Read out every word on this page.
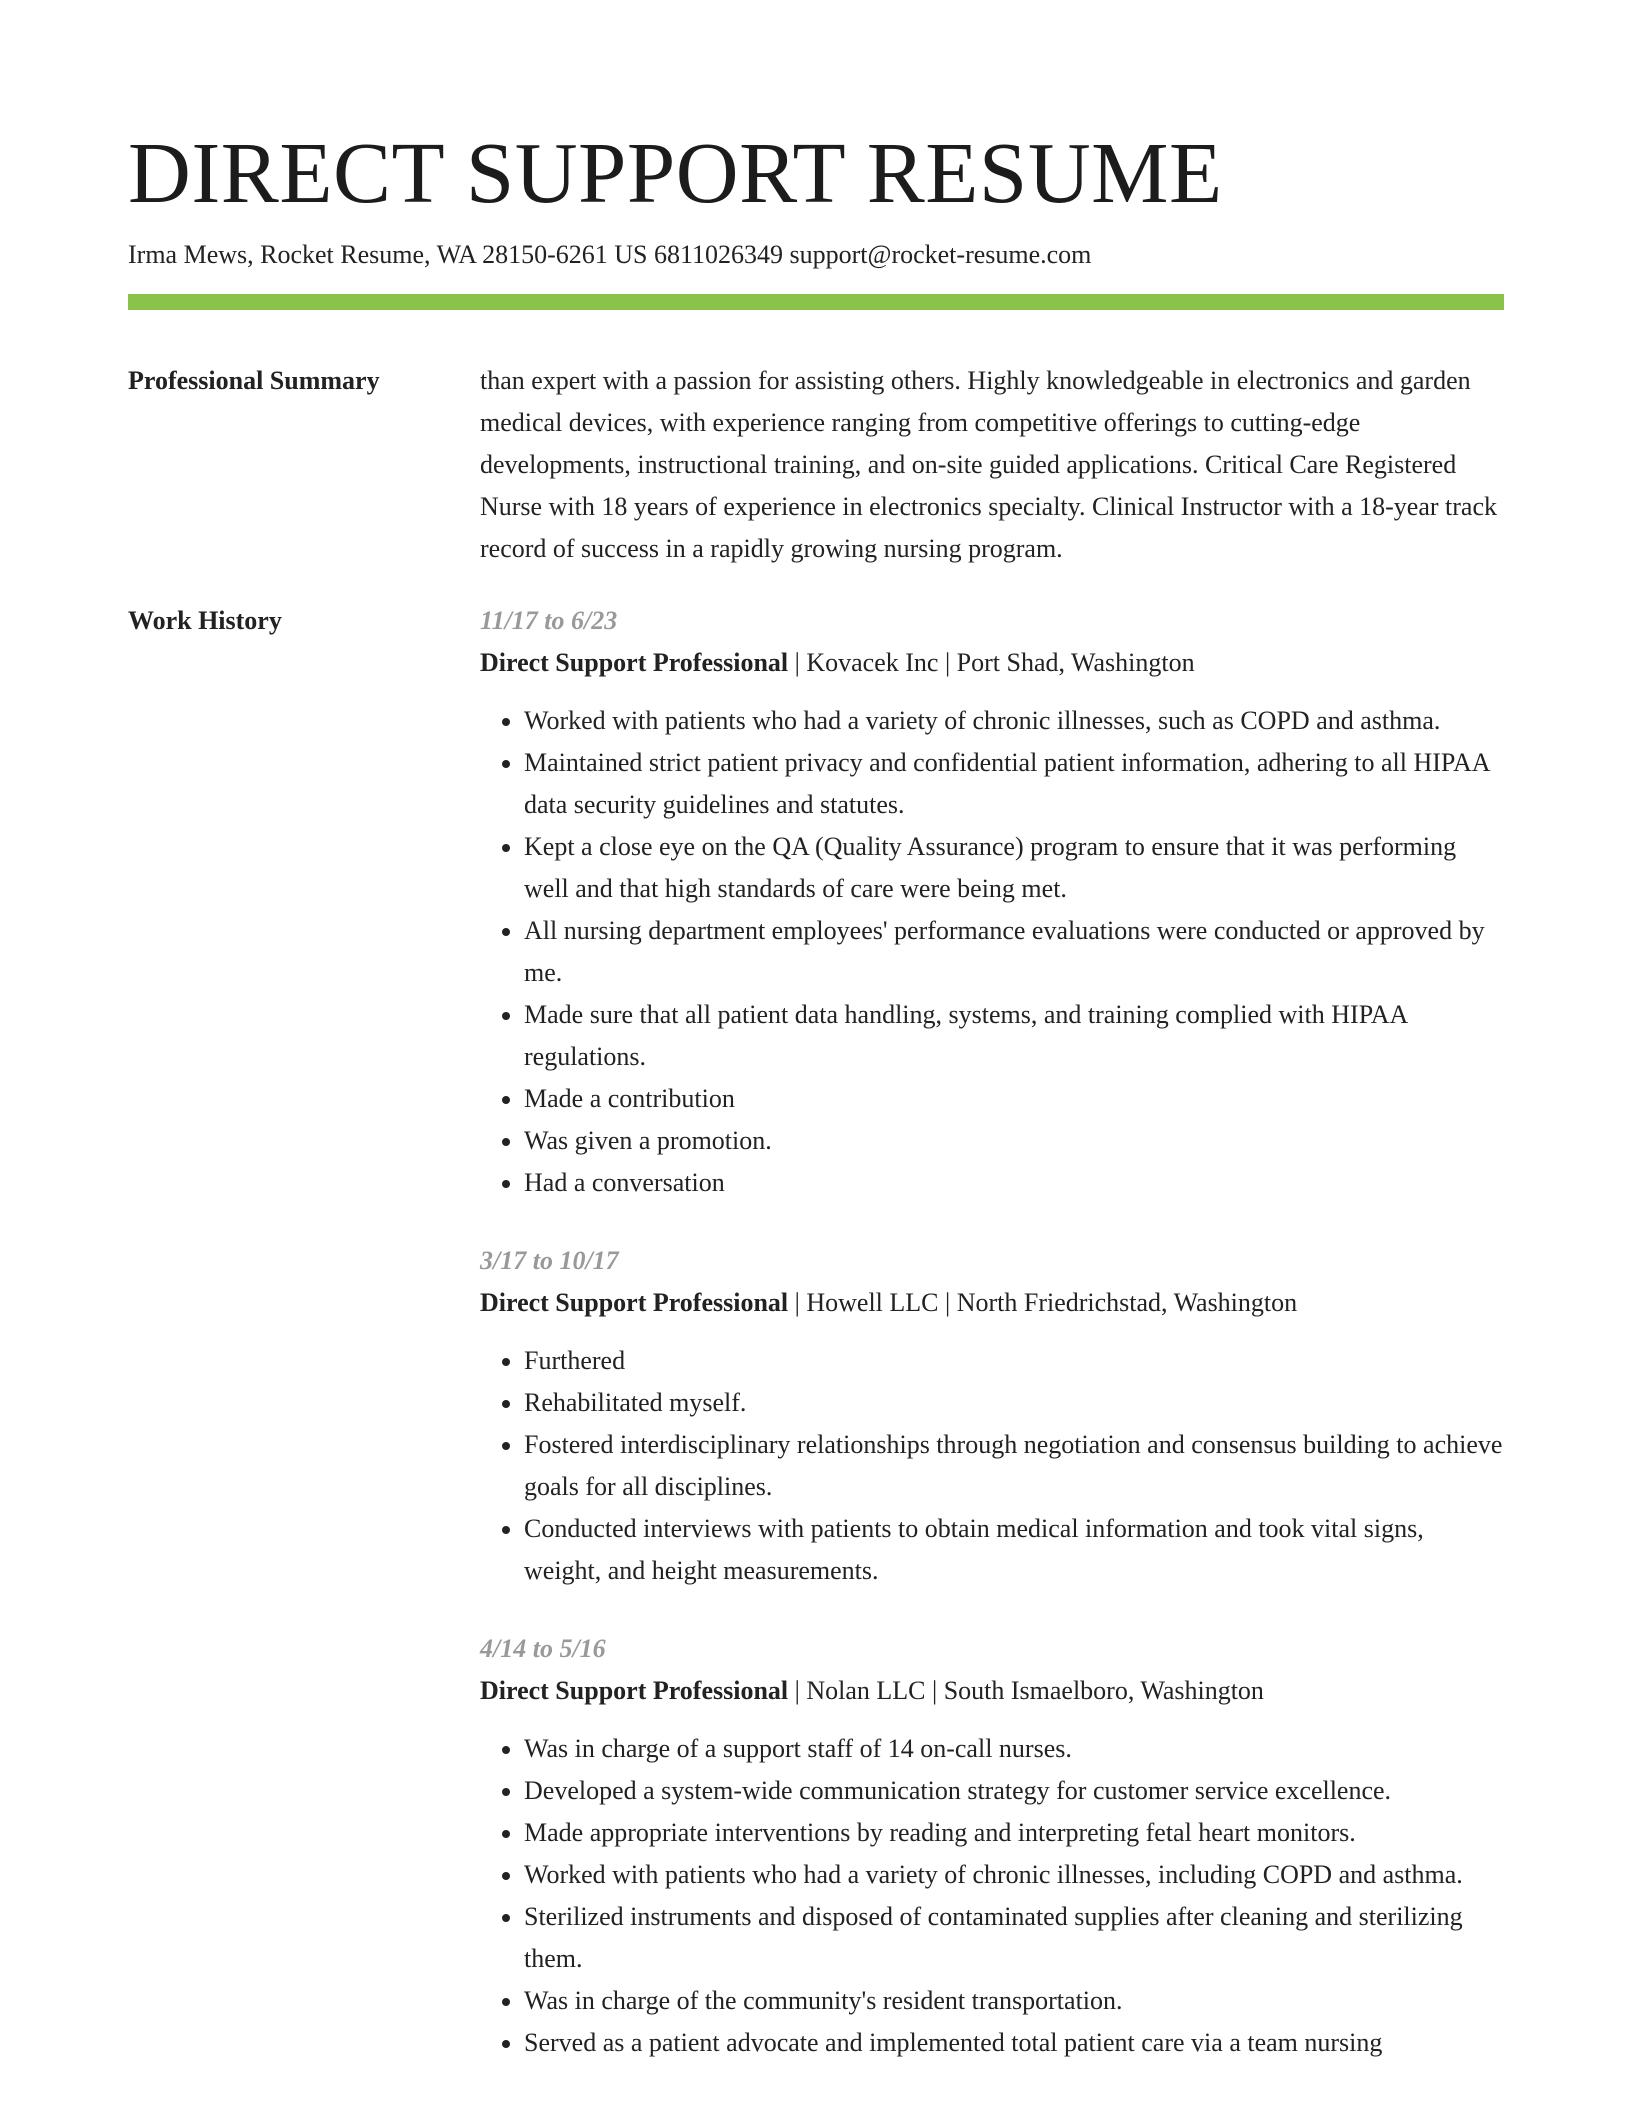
DIRECT SUPPORT RESUME
Irma Mews, Rocket Resume, WA 28150-6261 US 6811026349 support@rocket-resume.com
Professional Summary	than expert with a passion for assisting others. Highly knowledgeable in electronics and garden medical devices, with experience ranging from competitive offerings to cutting-edge developments, instructional training, and on-site guided applications. Critical Care Registered Nurse with 18 years of experience in electronics specialty. Clinical Instructor with a 18-year track record of success in a rapidly growing nursing program.

Work History	11/17 to 6/23
Direct Support Professional | Kovacek Inc | Port Shad, Washington
• Worked with patients who had a variety of chronic illnesses, such as COPD and asthma.
• Maintained strict patient privacy and confidential patient information, adhering to all HIPAA data security guidelines and statutes.
• Kept a close eye on the QA (Quality Assurance) program to ensure that it was performing well and that high standards of care were being met.
• All nursing department employees' performance evaluations were conducted or approved by me.
• Made sure that all patient data handling, systems, and training complied with HIPAA regulations.
• Made a contribution
• Was given a promotion.
• Had a conversation
3/17 to 10/17
Direct Support Professional | Howell LLC | North Friedrichstad, Washington
• Furthered
• Rehabilitated myself.
• Fostered interdisciplinary relationships through negotiation and consensus building to achieve goals for all disciplines.
• Conducted interviews with patients to obtain medical information and took vital signs, weight, and height measurements.
4/14 to 5/16
Direct Support Professional | Nolan LLC | South Ismaelboro, Washington
• Was in charge of a support staff of 14 on-call nurses.
• Developed a system-wide communication strategy for customer service excellence.
• Made appropriate interventions by reading and interpreting fetal heart monitors.
• Worked with patients who had a variety of chronic illnesses, including COPD and asthma.
• Sterilized instruments and disposed of contaminated supplies after cleaning and sterilizing them.
• Was in charge of the community's resident transportation.
• Served as a patient advocate and implemented total patient care via a team nursing
